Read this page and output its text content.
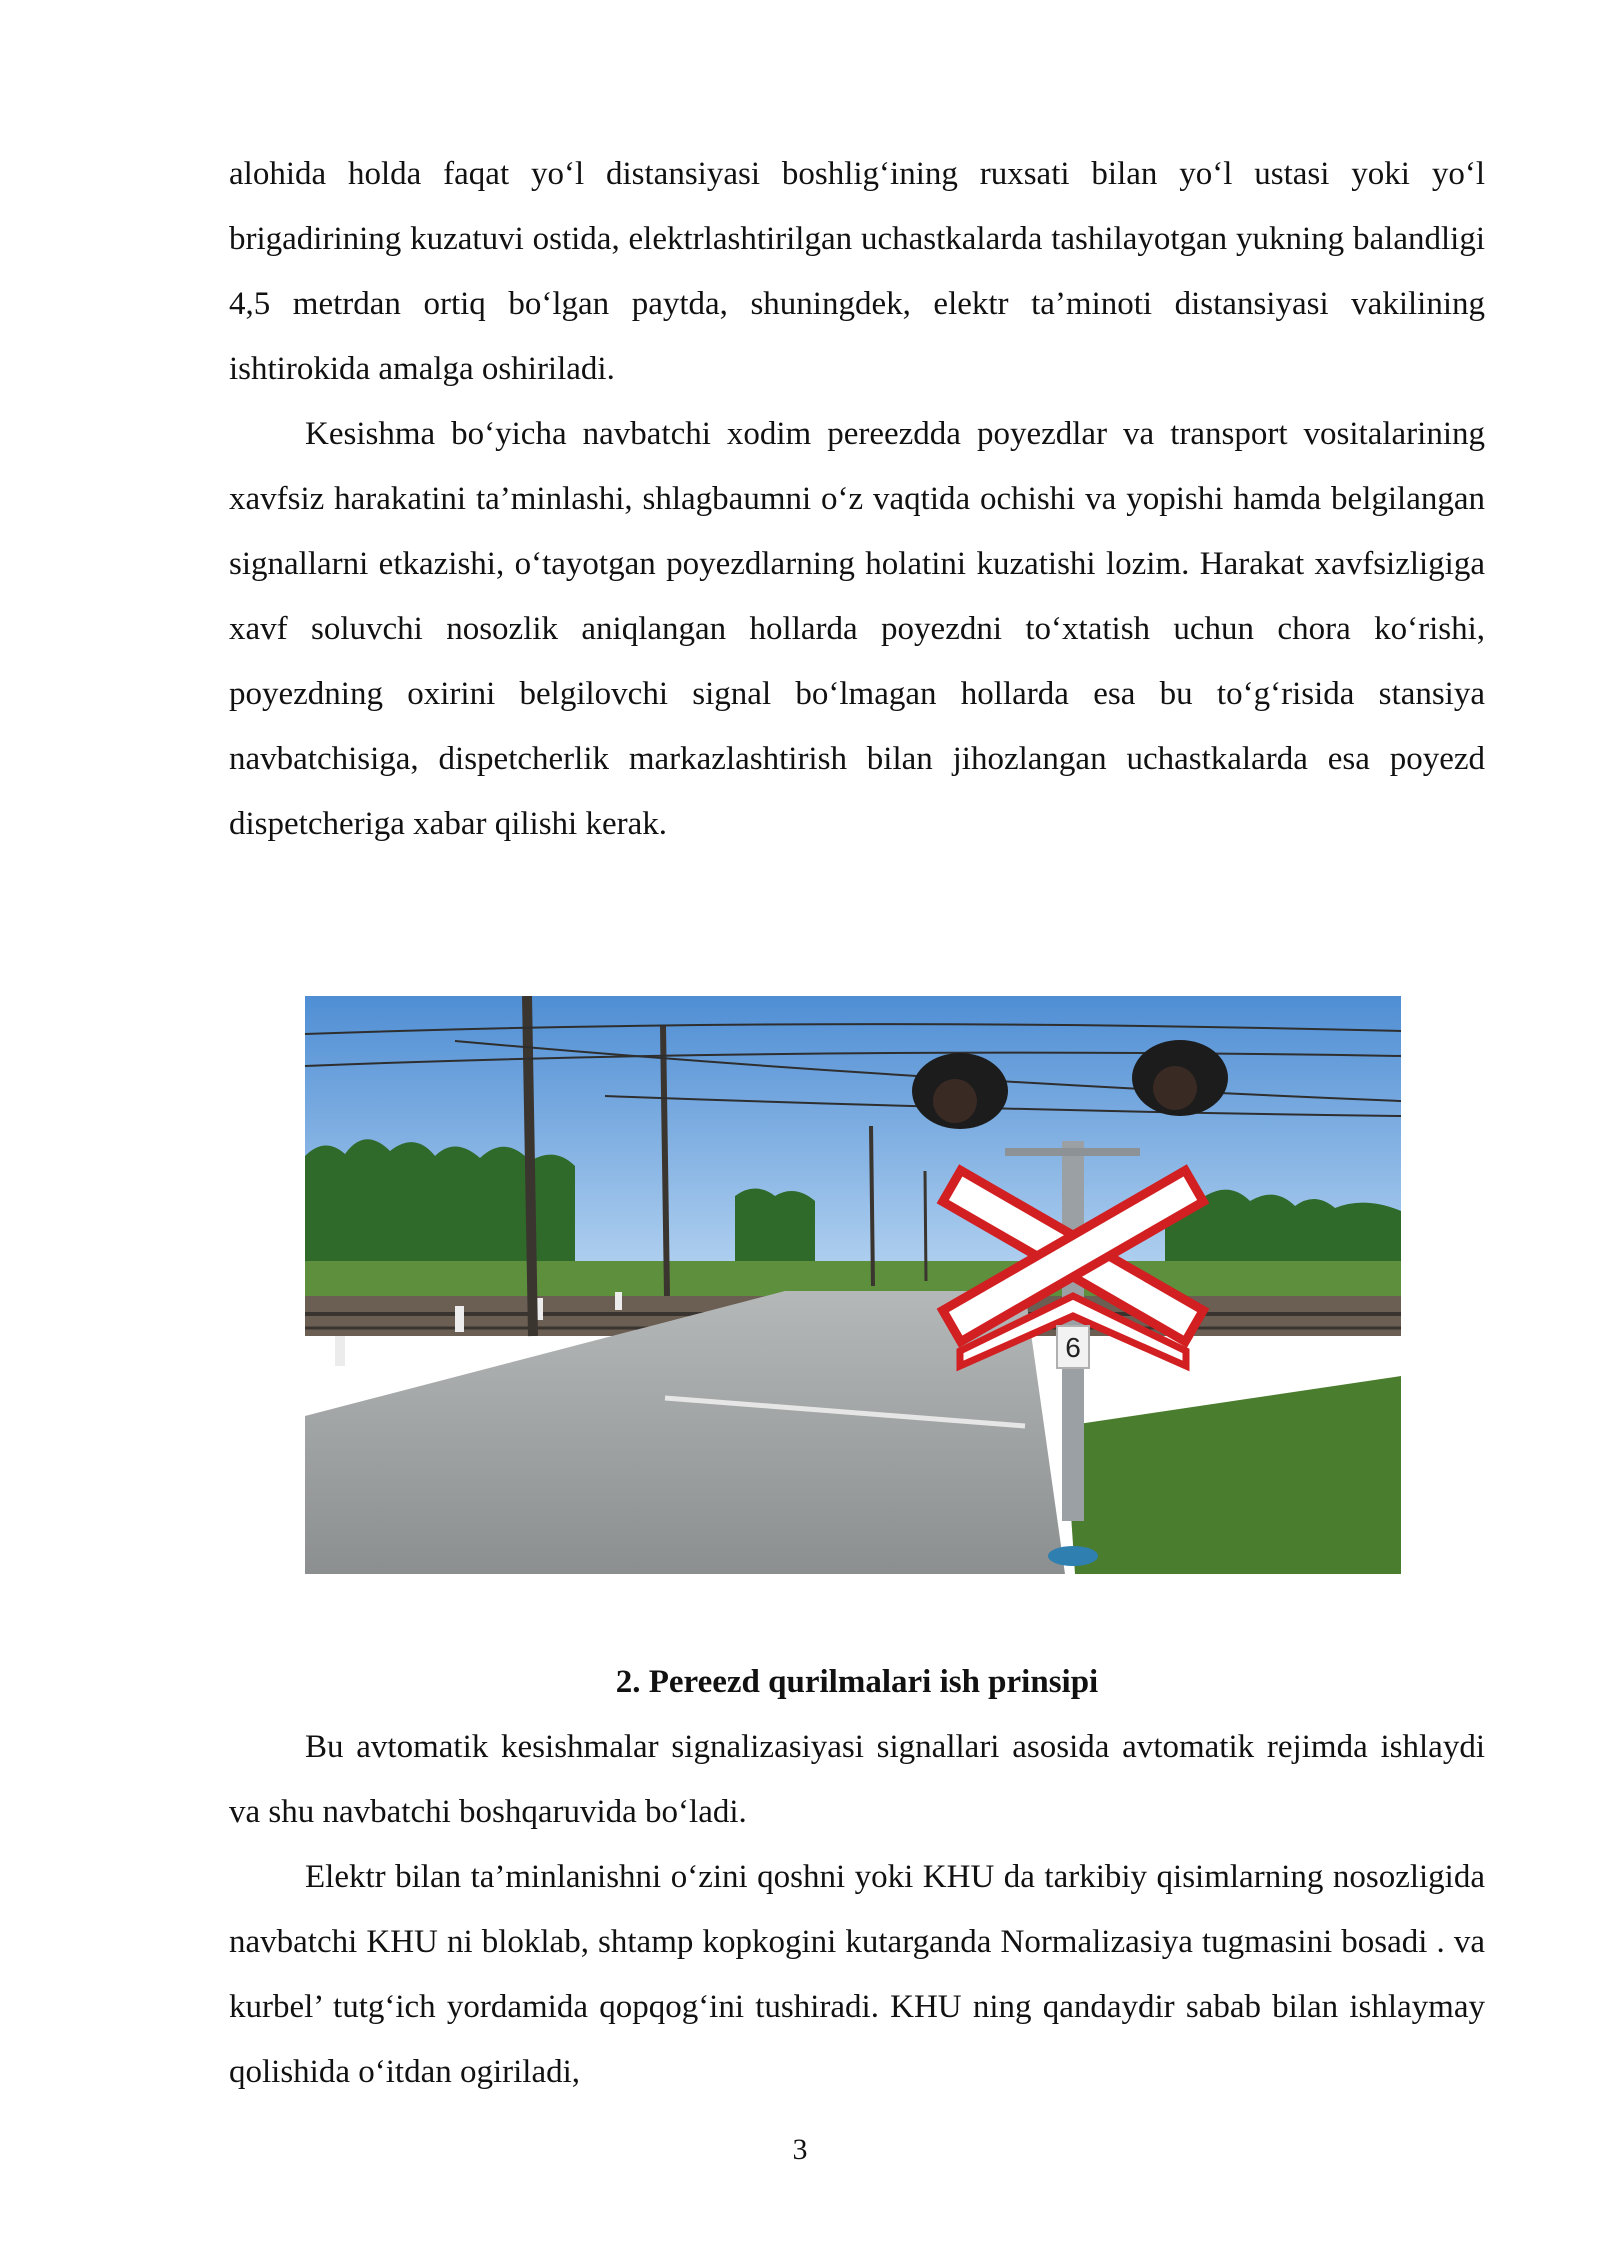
alohida holda faqat yo‘l distansiyasi boshlig‘ining ruxsati bilan yo‘l ustasi yoki yo‘l brigadirining kuzatuvi ostida, elektrlashtirilgan uchastkalarda tashilayotgan yukning balandligi 4,5 metrdan ortiq bo‘lgan paytda, shuningdek, elektr ta’minoti distansiyasi vakilining ishtirokida amalga oshiriladi.

Kesishma bo‘yicha navbatchi xodim pereezdda poyezdlar va transport vositalarining xavfsiz harakatini ta’minlashi, shlagbaumni o‘z vaqtida ochishi va yopishi hamda belgilangan signallarni etkazishi, o‘tayotgan poyezdlarning holatini kuzatishi lozim. Harakat xavfsizligiga xavf soluvchi nosozlik aniqlangan hollarda poyezdni to‘xtatish uchun chora ko‘rishi, poyezdning oxirini belgilovchi signal bo‘lmagan hollarda esa bu to‘g‘risida stansiya navbatchisiga, dispetcherlik markazlashtirish bilan jihozlangan uchastkalarda esa poyezd dispetcheriga xabar qilishi kerak.

6
2. Pereezd qurilmalari ish prinsipi

Bu avtomatik kesishmalar signalizasiyasi signallari asosida avtomatik rejimda ishlaydi va shu navbatchi boshqaruvida bo‘ladi.

Elektr bilan ta’minlanishni o‘zini qoshni yoki KHU da tarkibiy qisimlarning nosozligida navbatchi KHU ni bloklab, shtamp kopkogini kutarganda Normalizasiya tugmasini bosadi . va kurbel’ tutg‘ich yordamida qopqog‘ini tushiradi. KHU ning qandaydir sabab bilan ishlaymay qolishida o‘itdan ogiriladi,

3
